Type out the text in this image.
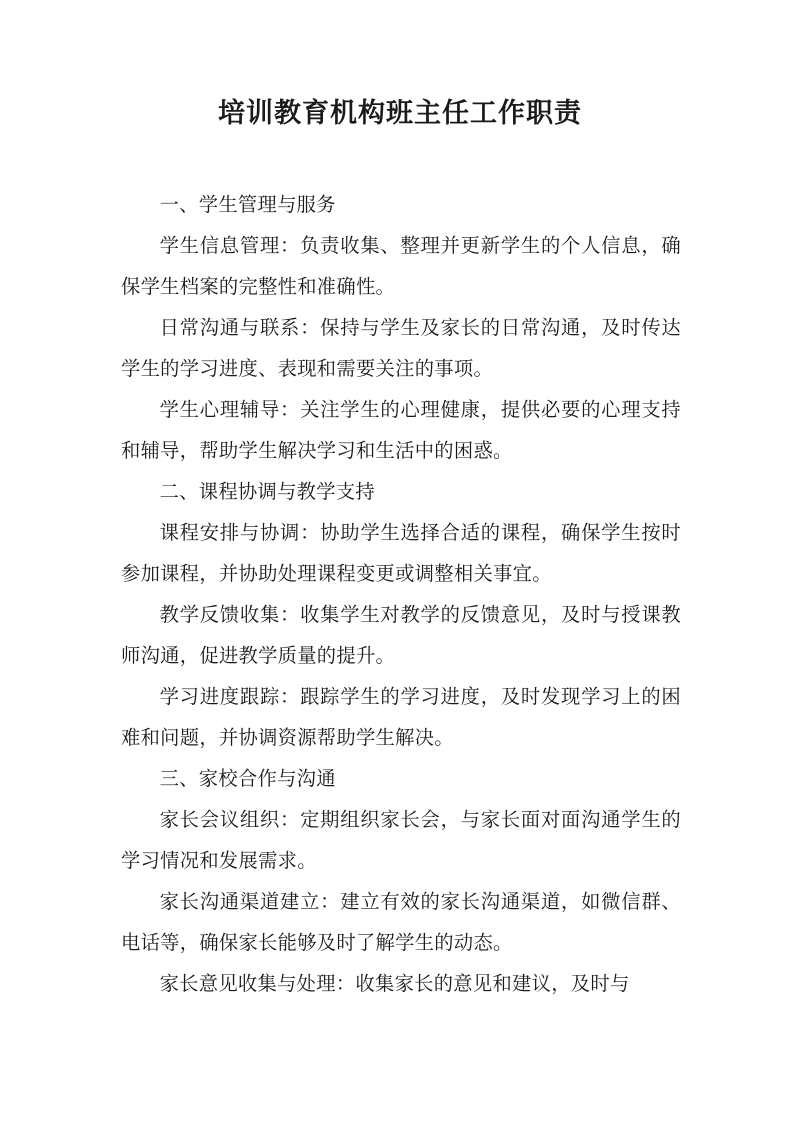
培训教育机构班主任工作职责

一、学生管理与服务

学生信息管理：负责收集、整理并更新学生的个人信息，确保学生档案的完整性和准确性。

日常沟通与联系：保持与学生及家长的日常沟通，及时传达学生的学习进度、表现和需要关注的事项。

学生心理辅导：关注学生的心理健康，提供必要的心理支持和辅导，帮助学生解决学习和生活中的困惑。

二、课程协调与教学支持

课程安排与协调：协助学生选择合适的课程，确保学生按时参加课程，并协助处理课程变更或调整相关事宜。

教学反馈收集：收集学生对教学的反馈意见，及时与授课教师沟通，促进教学质量的提升。

学习进度跟踪：跟踪学生的学习进度，及时发现学习上的困难和问题，并协调资源帮助学生解决。

三、家校合作与沟通

家长会议组织：定期组织家长会，与家长面对面沟通学生的学习情况和发展需求。

家长沟通渠道建立：建立有效的家长沟通渠道，如微信群、电话等，确保家长能够及时了解学生的动态。

家长意见收集与处理：收集家长的意见和建议，及时与
